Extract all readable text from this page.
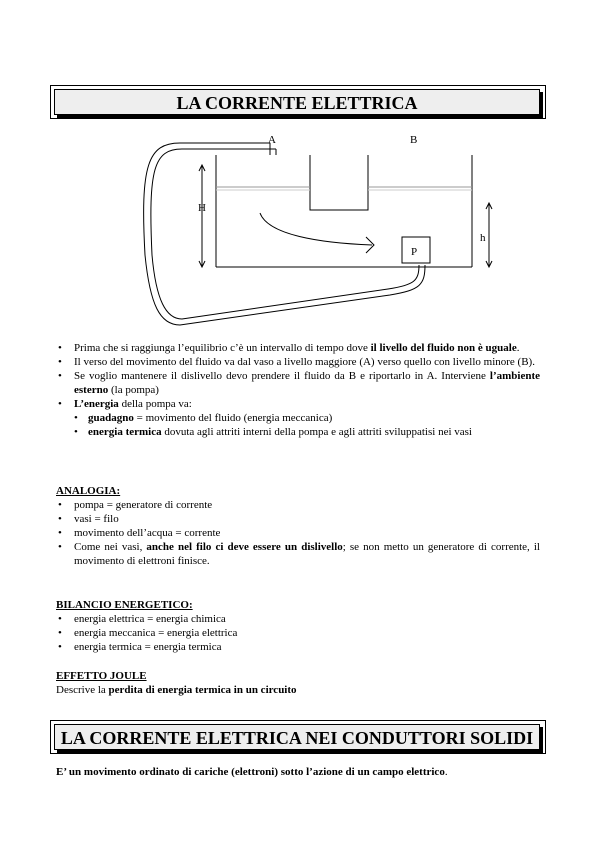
LA CORRENTE ELETTRICA
A	B
H
h
P
• Prima che si raggiunga l’equilibrio c’è un intervallo di tempo dove il livello del fluido non è uguale.
• Il verso del movimento del fluido va dal vaso a livello maggiore (A) verso quello con livello minore (B).
• Se voglio mantenere il dislivello devo prendere il fluido da B e riportarlo in A. Interviene l’ambiente esterno (la pompa)
• L’energia della pompa va:
• guadagno = movimento del fluido (energia meccanica)
• energia termica dovuta agli attriti interni della pompa e agli attriti sviluppatisi nei vasi
ANALOGIA:
• pompa = generatore di corrente
• vasi = filo
• movimento dell’acqua = corrente
• Come nei vasi, anche nel filo ci deve essere un dislivello; se non metto un generatore di corrente, il movimento di elettroni finisce.
BILANCIO ENERGETICO:
• energia elettrica = energia chimica
• energia meccanica = energia elettrica
• energia termica = energia termica
EFFETTO JOULE
Descrive la perdita di energia termica in un circuito
LA CORRENTE ELETTRICA NEI CONDUTTORI SOLIDI
E’ un movimento ordinato di cariche (elettroni) sotto l’azione di un campo elettrico.
